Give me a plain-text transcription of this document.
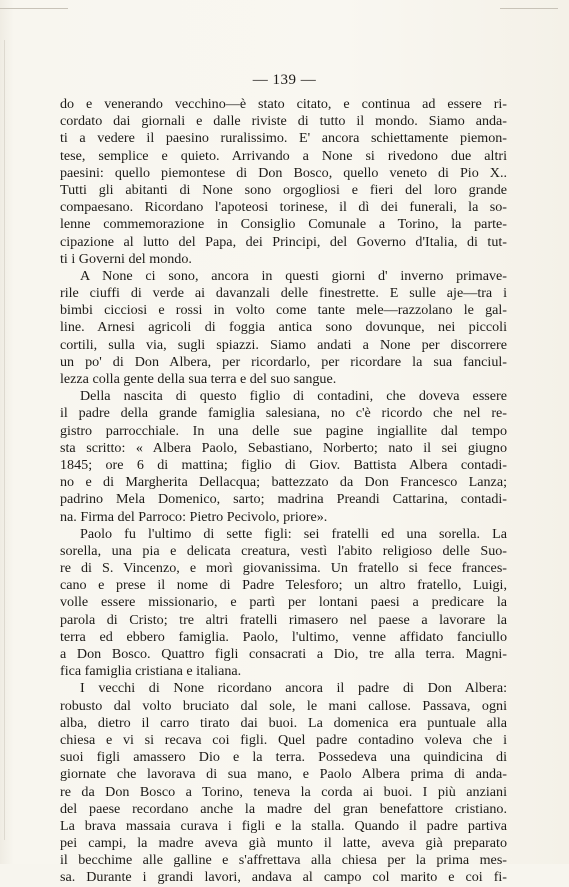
— 139 —
do e venerando vecchino—è stato citato, e continua ad essere ri-
cordato dai giornali e dalle riviste di tutto il mondo. Siamo anda-
ti a vedere il paesino ruralissimo. E' ancora schiettamente piemon-
tese, semplice e quieto. Arrivando a None si rivedono due altri
paesini: quello piemontese di Don Bosco, quello veneto di Pio X..
Tutti gli abitanti di None sono orgogliosi e fieri del loro grande
compaesano. Ricordano l'apoteosi torinese, il dì dei funerali, la so-
lenne commemorazione in Consiglio Comunale a Torino, la parte-
cipazione al lutto del Papa, dei Principi, del Governo d'Italia, di tut-
ti i Governi del mondo.
A None ci sono, ancora in questi giorni d' inverno primave-
rile ciuffi di verde ai davanzali delle finestrette. E sulle aje—tra i
bimbi cicciosi e rossi in volto come tante mele—razzolano le gal-
line. Arnesi agricoli di foggia antica sono dovunque, nei piccoli
cortili, sulla via, sugli spiazzi. Siamo andati a None per discorrere
un po' di Don Albera, per ricordarlo, per ricordare la sua fanciul-
lezza colla gente della sua terra e del suo sangue.
Della nascita di questo figlio di contadini, che doveva essere
il padre della grande famiglia salesiana, no c'è ricordo che nel re-
gistro parrocchiale. In una delle sue pagine ingiallite dal tempo
sta scritto: « Albera Paolo, Sebastiano, Norberto; nato il sei giugno
1845; ore 6 di mattina; figlio di Giov. Battista Albera contadi-
no e di Margherita Dellacqua; battezzato da Don Francesco Lanza;
padrino Mela Domenico, sarto; madrina Preandi Cattarina, contadi-
na. Firma del Parroco: Pietro Pecivolo, priore».
Paolo fu l'ultimo di sette figli: sei fratelli ed una sorella. La
sorella, una pia e delicata creatura, vestì l'abito religioso delle Suo-
re di S. Vincenzo, e morì giovanissima. Un fratello si fece frances-
cano e prese il nome di Padre Telesforo; un altro fratello, Luigi,
volle essere missionario, e partì per lontani paesi a predicare la
parola di Cristo; tre altri fratelli rimasero nel paese a lavorare la
terra ed ebbero famiglia. Paolo, l'ultimo, venne affidato fanciullo
a Don Bosco. Quattro figli consacrati a Dio, tre alla terra. Magni-
fica famiglia cristiana e italiana.
I vecchi di None ricordano ancora il padre di Don Albera:
robusto dal volto bruciato dal sole, le mani callose. Passava, ogni
alba, dietro il carro tirato dai buoi. La domenica era puntuale alla
chiesa e vi si recava coi figli. Quel padre contadino voleva che i
suoi figli amassero Dio e la terra. Possedeva una quindicina di
giornate che lavorava di sua mano, e Paolo Albera prima di anda-
re da Don Bosco a Torino, teneva la corda ai buoi. I più anziani
del paese recordano anche la madre del gran benefattore cristiano.
La brava massaia curava i figli e la stalla. Quando il padre partiva
pei campi, la madre aveva già munto il latte, aveva già preparato
il becchime alle galline e s'affrettava alla chiesa per la prima mes-
sa. Durante i grandi lavori, andava al campo col marito e coi fi-
